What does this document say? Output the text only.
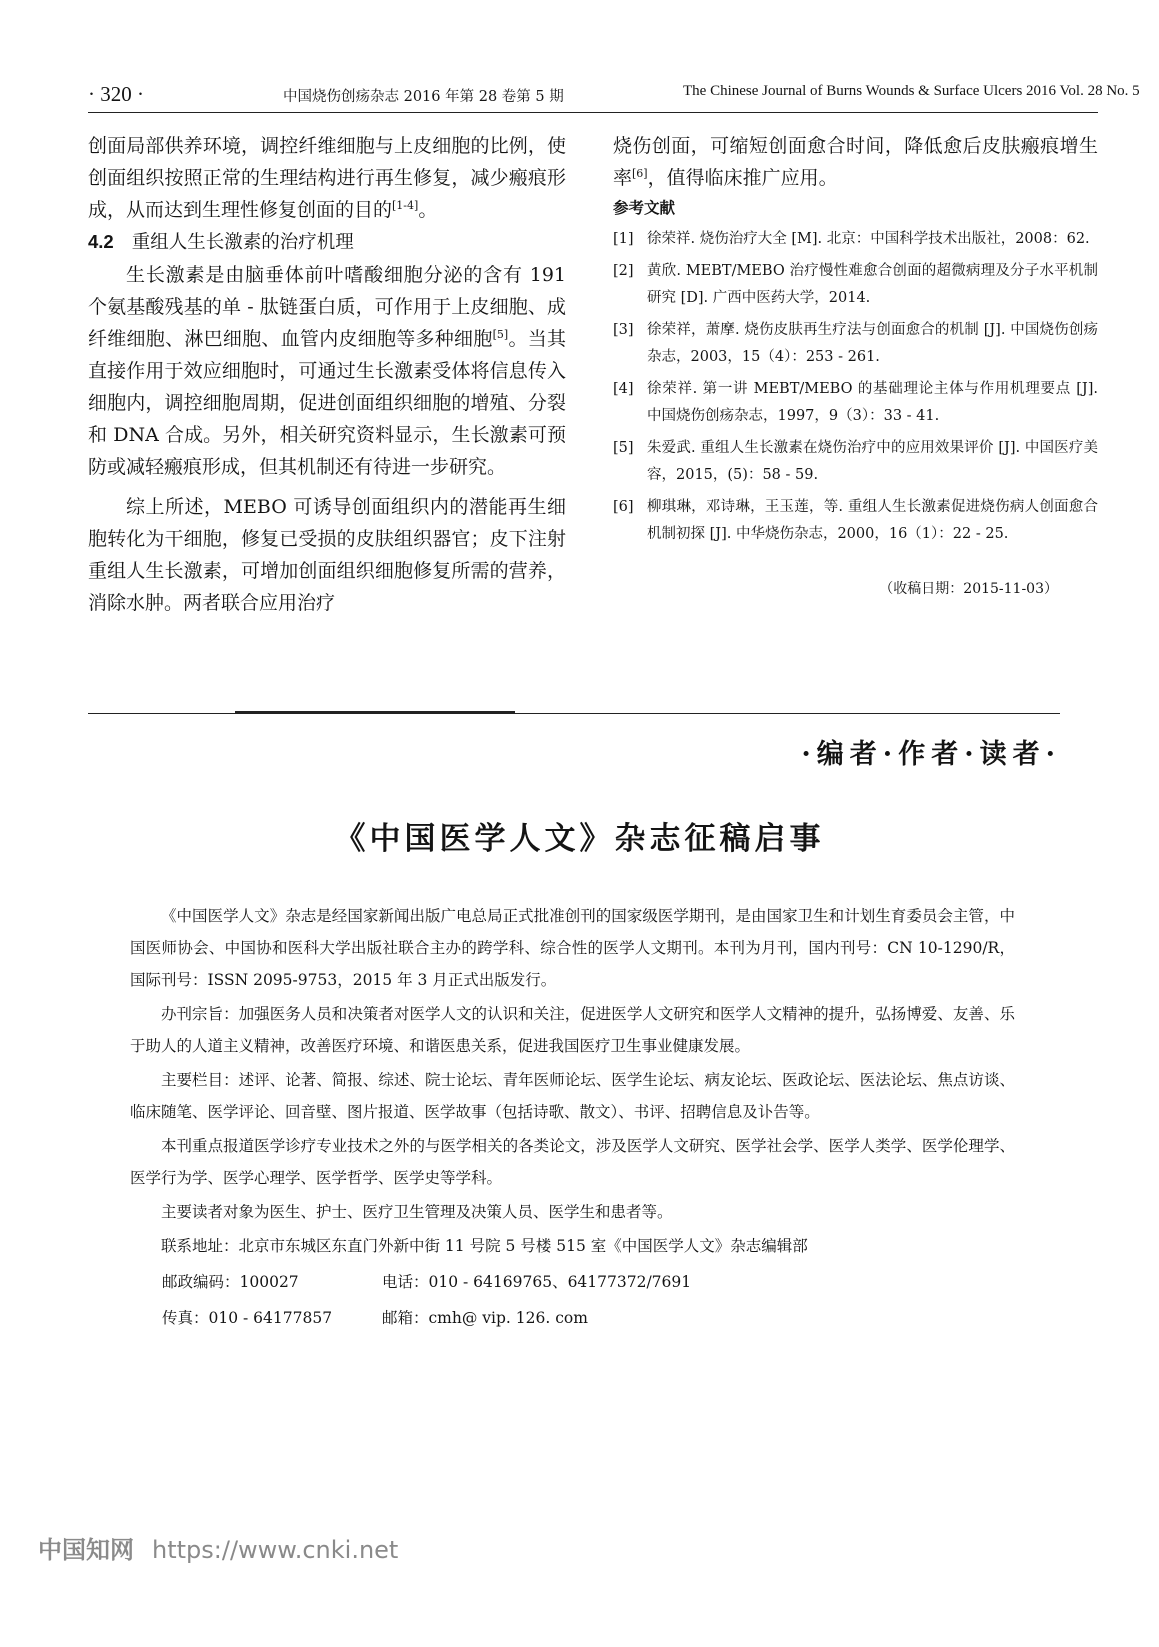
· 320 ·	中国烧伤创疡杂志 2016 年第 28 卷第 5 期	The Chinese Journal of Burns Wounds & Surface Ulcers 2016 Vol. 28 No. 5

创面局部供养环境，调控纤维细胞与上皮细胞的比例，使创面组织按照正常的生理结构进行再生修复，减少瘢痕形成，从而达到生理性修复创面的目的[1-4]。

4.2 重组人生长激素的治疗机理

生长激素是由脑垂体前叶嗜酸细胞分泌的含有 191 个氨基酸残基的单 - 肽链蛋白质，可作用于上皮细胞、成纤维细胞、淋巴细胞、血管内皮细胞等多种细胞[5]。当其直接作用于效应细胞时，可通过生长激素受体将信息传入细胞内，调控细胞周期，促进创面组织细胞的增殖、分裂和 DNA 合成。另外，相关研究资料显示，生长激素可预防或减轻瘢痕形成，但其机制还有待进一步研究。

综上所述，MEBO 可诱导创面组织内的潜能再生细胞转化为干细胞，修复已受损的皮肤组织器官；皮下注射重组人生长激素，可增加创面组织细胞修复所需的营养，消除水肿。两者联合应用治疗

烧伤创面，可缩短创面愈合时间，降低愈后皮肤瘢痕增生率[6]，值得临床推广应用。

参考文献
[1] 徐荣祥. 烧伤治疗大全 [M]. 北京：中国科学技术出版社，2008：62.
[2] 黄欣. MEBT/MEBO 治疗慢性难愈合创面的超微病理及分子水平机制研究 [D]. 广西中医药大学，2014.
[3] 徐荣祥，萧摩. 烧伤皮肤再生疗法与创面愈合的机制 [J]. 中国烧伤创疡杂志，2003，15（4）：253 - 261.
[4] 徐荣祥. 第一讲 MEBT/MEBO 的基础理论主体与作用机理要点 [J]. 中国烧伤创疡杂志，1997，9（3）：33 - 41.
[5] 朱爱武. 重组人生长激素在烧伤治疗中的应用效果评价 [J]. 中国医疗美容，2015，(5)：58 - 59.
[6] 柳琪琳，邓诗琳，王玉莲，等. 重组人生长激素促进烧伤病人创面愈合机制初探 [J]. 中华烧伤杂志，2000，16（1）：22 - 25.
（收稿日期：2015-11-03）
·编者·作者·读者·
《中国医学人文》杂志征稿启事

《中国医学人文》杂志是经国家新闻出版广电总局正式批准创刊的国家级医学期刊，是由国家卫生和计划生育委员会主管，中国医师协会、中国协和医科大学出版社联合主办的跨学科、综合性的医学人文期刊。本刊为月刊，国内刊号：CN 10-1290/R，国际刊号：ISSN 2095-9753，2015 年 3 月正式出版发行。

办刊宗旨：加强医务人员和决策者对医学人文的认识和关注，促进医学人文研究和医学人文精神的提升，弘扬博爱、友善、乐于助人的人道主义精神，改善医疗环境、和谐医患关系，促进我国医疗卫生事业健康发展。

主要栏目：述评、论著、简报、综述、院士论坛、青年医师论坛、医学生论坛、病友论坛、医政论坛、医法论坛、焦点访谈、临床随笔、医学评论、回音壁、图片报道、医学故事（包括诗歌、散文）、书评、招聘信息及讣告等。

本刊重点报道医学诊疗专业技术之外的与医学相关的各类论文，涉及医学人文研究、医学社会学、医学人类学、医学伦理学、医学行为学、医学心理学、医学哲学、医学史等学科。

主要读者对象为医生、护士、医疗卫生管理及决策人员、医学生和患者等。

联系地址：北京市东城区东直门外新中街 11 号院 5 号楼 515 室《中国医学人文》杂志编辑部

邮政编码：100027	电话：010 - 64169765、64177372/7691
传真：010 - 64177857	邮箱：cmh@ vip. 126. com
中国知网 https://www.cnki.net
